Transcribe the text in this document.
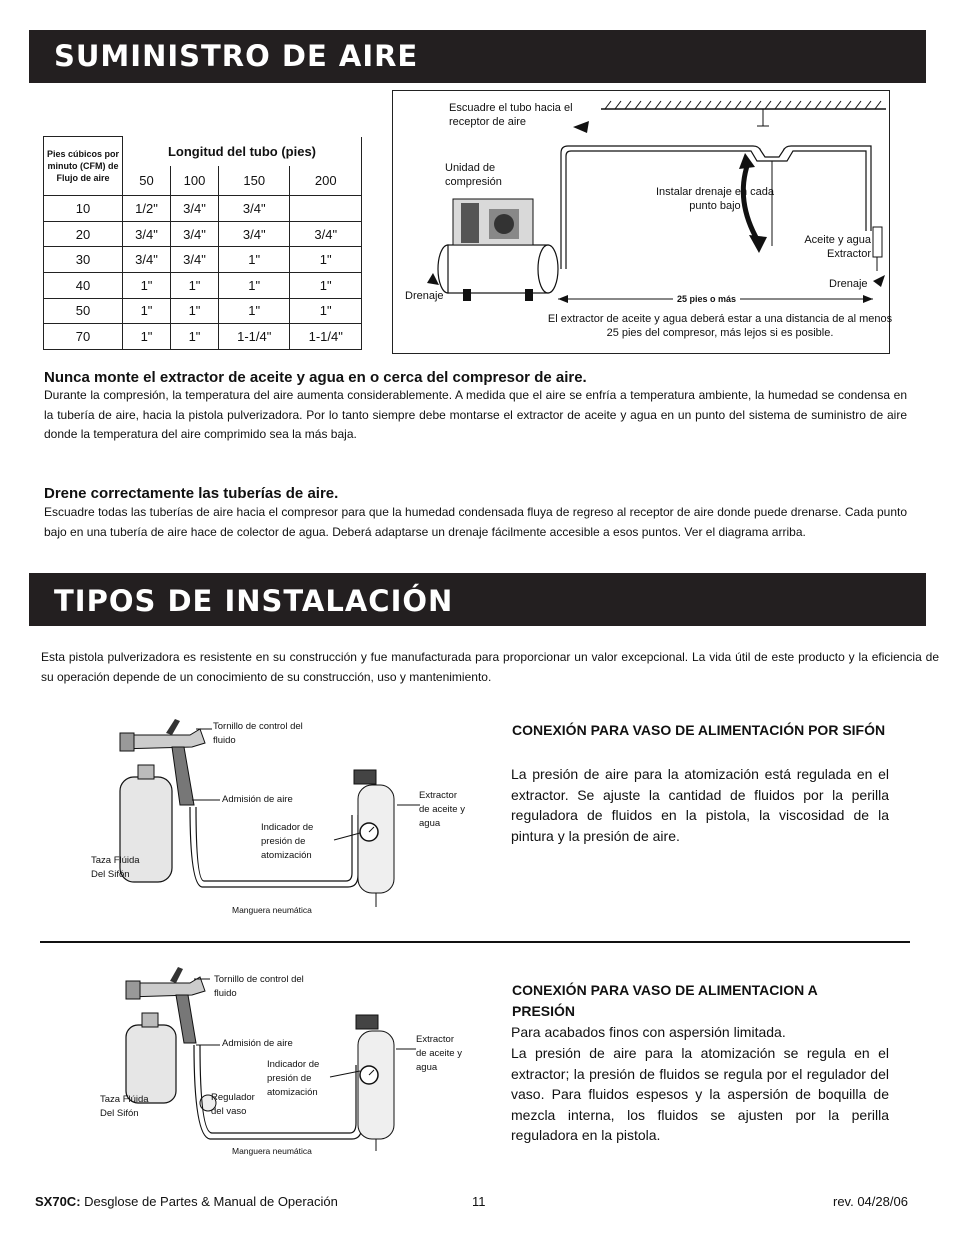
SUMINISTRO DE AIRE
Pies cúbicos por minuto (CFM) de Flujo de aire	Longitud del tubo (pies)			
	50	100	150	200
10	1/2"	3/4"	3/4"	
20	3/4"	3/4"	3/4"	3/4"
30	3/4"	3/4"	1"	1"
40	1"	1"	1"	1"
50	1"	1"	1"	1"
70	1"	1"	1-1/4"	1-1/4"
Escuadre el tubo hacia el receptor de aire
Unidad de compresión
Instalar drenaje en cada punto bajo
Aceite y agua Extractor
Drenaje
Drenaje
25 pies o más
El extractor de aceite y agua deberá estar a una distancia de al menos 25 pies del compresor, más lejos si es posible.
Nunca monte el extractor de aceite y agua en o cerca del compresor de aire.
Durante la compresión, la temperatura del aire aumenta considerablemente. A medida que el aire se enfría a temperatura ambiente, la humedad se condensa en la tubería de aire, hacia la pistola pulverizadora. Por lo tanto siempre debe montarse el extractor de aceite y agua en un punto del sistema de suministro de aire donde la temperatura del aire comprimido sea la más baja.
Drene correctamente las tuberías de aire.
Escuadre todas las tuberías de aire hacia el compresor para que la humedad condensada fluya de regreso al receptor de aire donde puede drenarse. Cada punto bajo en una tubería de aire hace de colector de agua. Deberá adaptarse un drenaje fácilmente accesible a esos puntos. Ver el diagrama arriba.
TIPOS DE INSTALACIÓN
Esta pistola pulverizadora es resistente en su construcción y fue manufacturada para proporcionar un valor excepcional. La vida útil de este producto y la eficiencia de su operación depende de un conocimiento de su construcción, uso y mantenimiento.
Tornillo de control del fluido
Admisión de aire
Indicador de presión de atomización
Extractor de aceite y agua
Taza Flúida Del Sifón
Manguera neumática
CONEXIÓN PARA VASO DE ALIMENTACIÓN POR SIFÓN
La presión de aire para la atomización está regulada en el extractor. Se ajuste la cantidad de fluidos por la perilla reguladora de fluidos en la pistola, la viscosidad de la pintura y la presión de aire.
Tornillo de control del fluido
Admisión de aire
Indicador de presión de atomización
Extractor de aceite y agua
Taza Flúida Del Sifón
Regulador del vaso
Manguera neumática
CONEXIÓN PARA VASO DE ALIMENTACION A PRESIÓN
Para acabados finos con aspersión limitada.
La presión de aire para la atomización se regula en el extractor; la presión de fluidos se regula por el regulador del vaso. Para fluidos espesos y la aspersión de boquilla de mezcla interna, los fluidos se ajusten por la perilla reguladora en la pistola.
SX70C: Desglose de Partes & Manual de Operación	11	rev. 04/28/06
